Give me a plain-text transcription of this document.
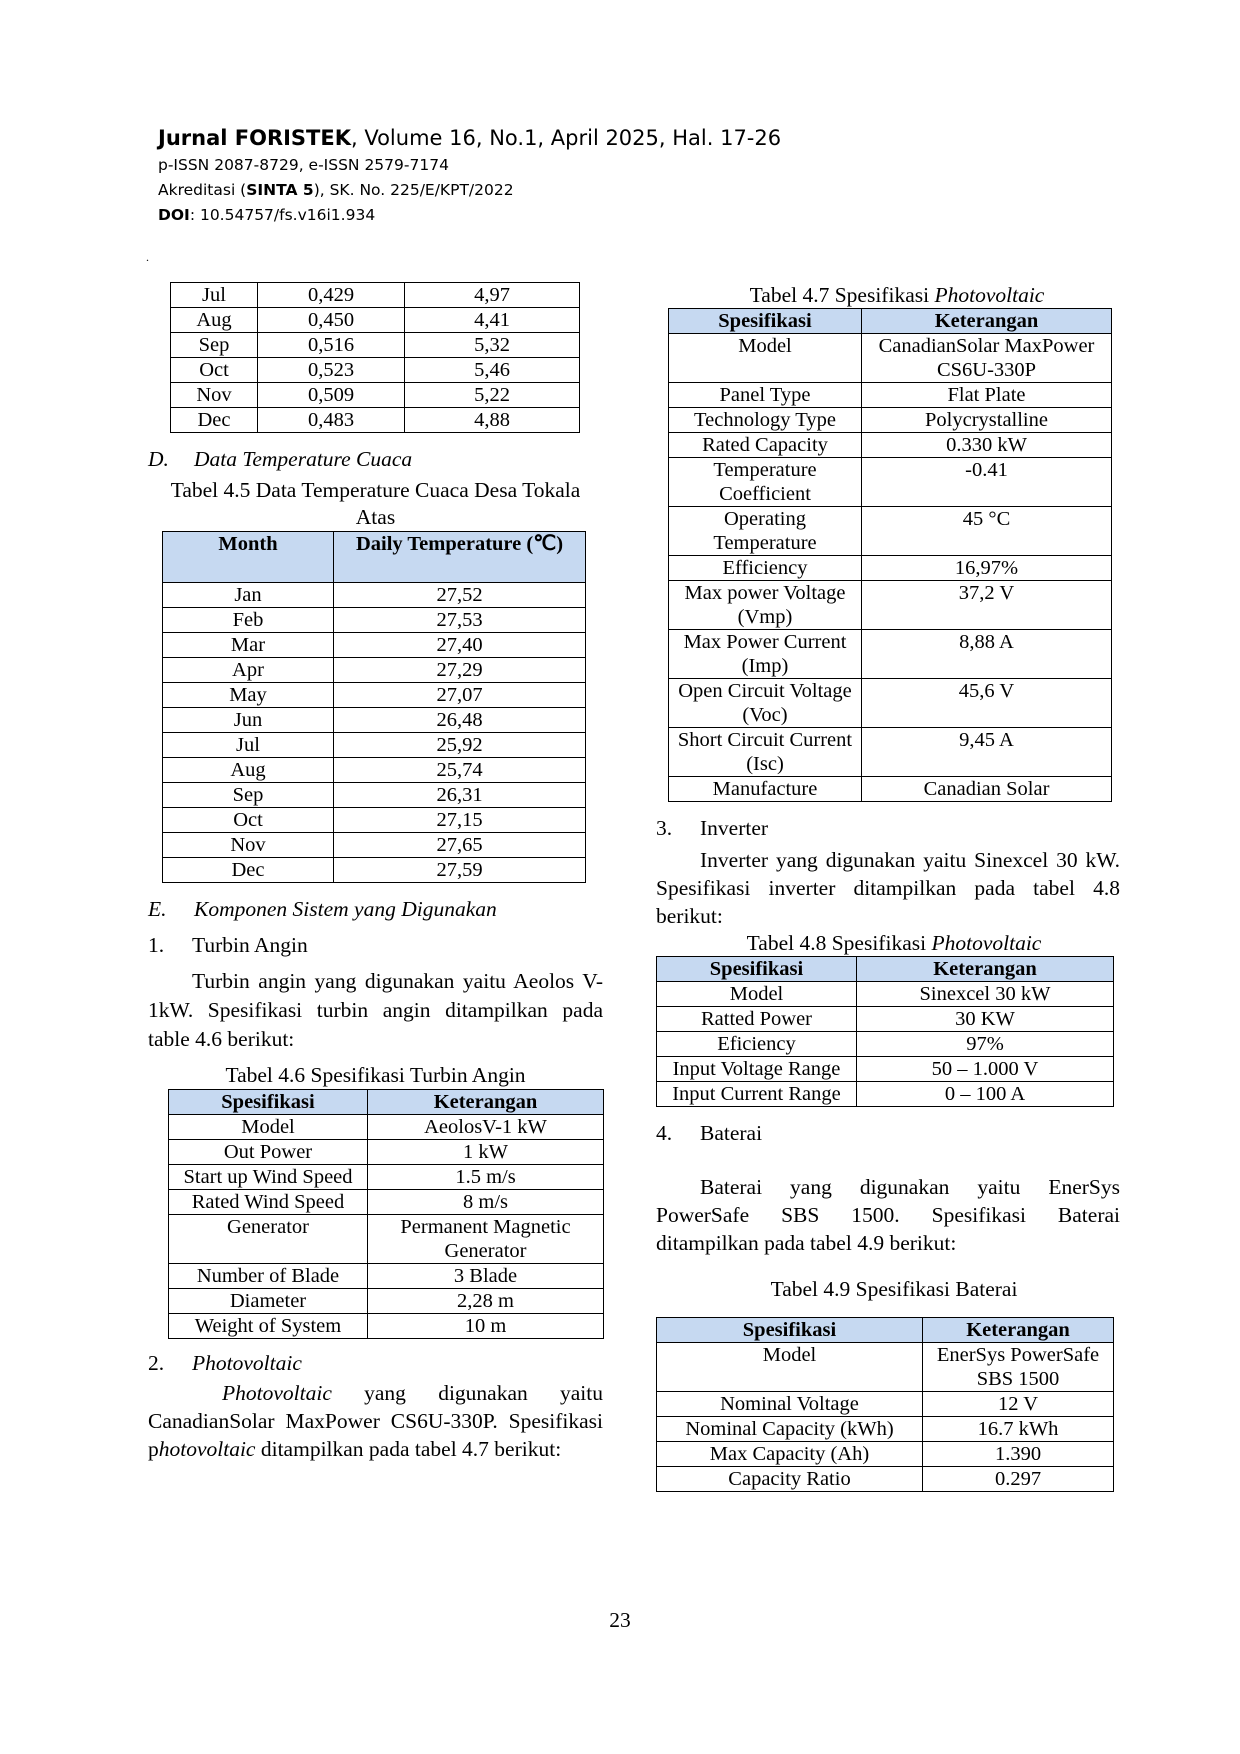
Jurnal FORISTEK, Volume 16, No.1, April 2025, Hal. 17-26
p-ISSN 2087-8729, e-ISSN 2579-7174
Akreditasi (SINTA 5), SK. No. 225/E/KPT/2022
DOI: 10.54757/fs.v16i1.934
.
Jul	0,429	4,97
Aug	0,450	4,41
Sep	0,516	5,32
Oct	0,523	5,46
Nov	0,509	5,22
Dec	0,483	4,88
D. Data Temperature Cuaca
Tabel 4.5 Data Temperature Cuaca Desa Tokala Atas
Month	Daily Temperature (℃)
Jan	27,52
Feb	27,53
Mar	27,40
Apr	27,29
May	27,07
Jun	26,48
Jul	25,92
Aug	25,74
Sep	26,31
Oct	27,15
Nov	27,65
Dec	27,59
E. Komponen Sistem yang Digunakan
1. Turbin Angin
Turbin angin yang digunakan yaitu Aeolos V- 1kW. Spesifikasi turbin angin ditampilkan pada table 4.6 berikut:
Tabel 4.6 Spesifikasi Turbin Angin
Spesifikasi	Keterangan
Model	AeolosV-1 kW
Out Power	1 kW
Start up Wind Speed	1.5 m/s
Rated Wind Speed	8 m/s
Generator	Permanent Magnetic Generator
Number of Blade	3 Blade
Diameter	2,28 m
Weight of System	10 m
2. Photovoltaic
Photovoltaic yang digunakan yaitu CanadianSolar MaxPower CS6U-330P. Spesifikasi photovoltaic ditampilkan pada tabel 4.7 berikut:
Tabel 4.7 Spesifikasi Photovoltaic
Spesifikasi	Keterangan
Model	CanadianSolar MaxPower CS6U-330P
Panel Type	Flat Plate
Technology Type	Polycrystalline
Rated Capacity	0.330 kW
Temperature Coefficient	-0.41
Operating Temperature	45 °C
Efficiency	16,97%
Max power Voltage (Vmp)	37,2 V
Max Power Current (Imp)	8,88 A
Open Circuit Voltage (Voc)	45,6 V
Short Circuit Current (Isc)	9,45 A
Manufacture	Canadian Solar
3. Inverter
Inverter yang digunakan yaitu Sinexcel 30 kW. Spesifikasi inverter ditampilkan pada tabel 4.8 berikut:
Tabel 4.8 Spesifikasi Photovoltaic
Spesifikasi	Keterangan
Model	Sinexcel 30 kW
Ratted Power	30 KW
Eficiency	97%
Input Voltage Range	50 – 1.000 V
Input Current Range	0 – 100 A
4. Baterai
Baterai yang digunakan yaitu EnerSys PowerSafe SBS 1500. Spesifikasi Baterai ditampilkan pada tabel 4.9 berikut:
Tabel 4.9 Spesifikasi Baterai
Spesifikasi	Keterangan
Model	EnerSys PowerSafe SBS 1500
Nominal Voltage	12 V
Nominal Capacity (kWh)	16.7 kWh
Max Capacity (Ah)	1.390
Capacity Ratio	0.297
23
